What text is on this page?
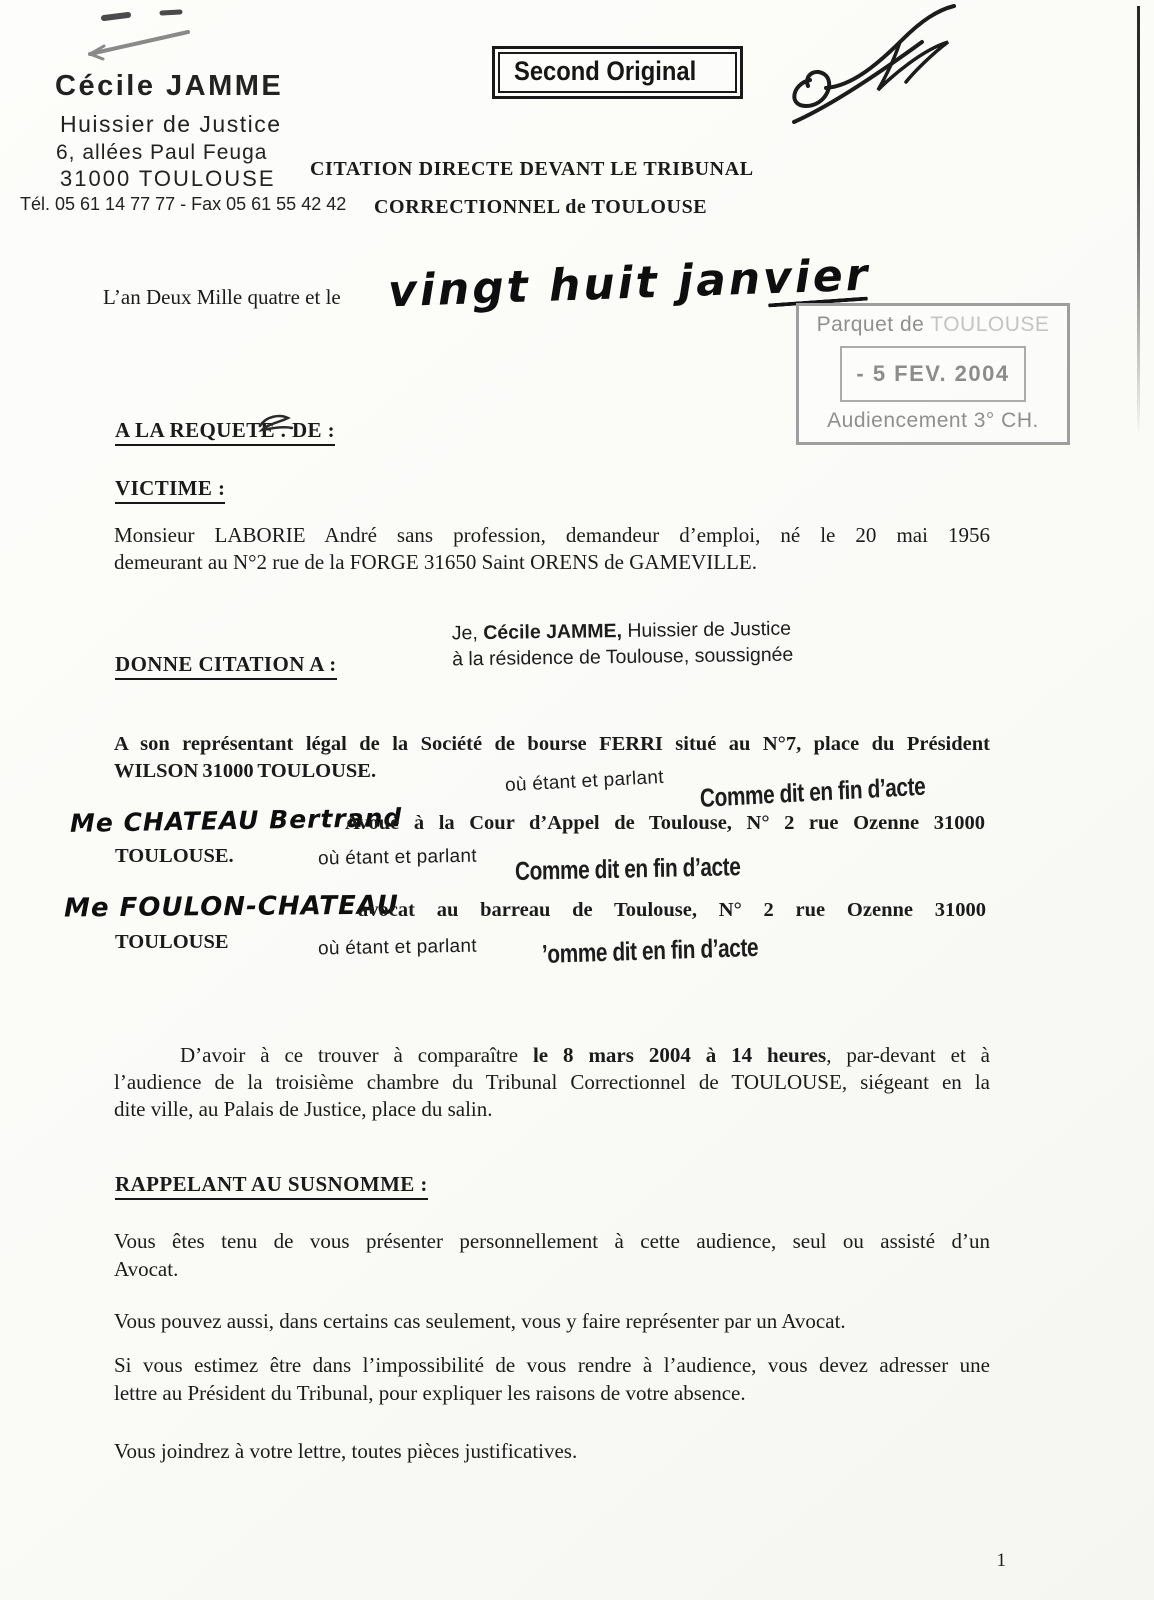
Cécile JAMME
Huissier de Justice
6, allées Paul Feuga
31000 TOULOUSE
Tél. 05 61 14 77 77 - Fax 05 61 55 42 42
Second Original
CITATION DIRECTE DEVANT LE TRIBUNAL
CORRECTIONNEL de TOULOUSE
L’an Deux Mille quatre et le vingt huit janvier
Parquet de TOULOUSE
- 5 FEV. 2004
Audiencement 3° CH.
A LA REQUETE . DE :
VICTIME :
Monsieur LABORIE André sans profession, demandeur d’emploi, né le 20 mai 1956
demeurant au N°2 rue de la FORGE 31650 Saint ORENS de GAMEVILLE.
DONNE CITATION A :
Je, Cécile JAMME, Huissier de Justice
à la résidence de Toulouse, soussignée
A son représentant légal de la Société de bourse FERRI situé au N°7, place du Président
WILSON 31000 TOULOUSE.	où étant et parlant Comme dit en fin d’acte
Me CHATEAU Bertrand
Avoué à la Cour d’Appel de Toulouse, N° 2 rue Ozenne 31000
TOULOUSE.	où étant et parlant Comme dit en fin d’acte
Me FOULON-CHATEAU
avocat au barreau de Toulouse, N° 2 rue Ozenne 31000
TOULOUSE	où étant et parlant ’omme dit en fin d’acte
D’avoir à ce trouver à comparaître le 8 mars 2004 à 14 heures, par-devant et à
l’audience de la troisième chambre du Tribunal Correctionnel de TOULOUSE, siégeant en la
dite ville, au Palais de Justice, place du salin.
RAPPELANT AU SUSNOMME :
Vous êtes tenu de vous présenter personnellement à cette audience, seul ou assisté d’un
Avocat.
Vous pouvez aussi, dans certains cas seulement, vous y faire représenter par un Avocat.
Si vous estimez être dans l’impossibilité de vous rendre à l’audience, vous devez adresser une
lettre au Président du Tribunal, pour expliquer les raisons de votre absence.
Vous joindrez à votre lettre, toutes pièces justificatives.
1
